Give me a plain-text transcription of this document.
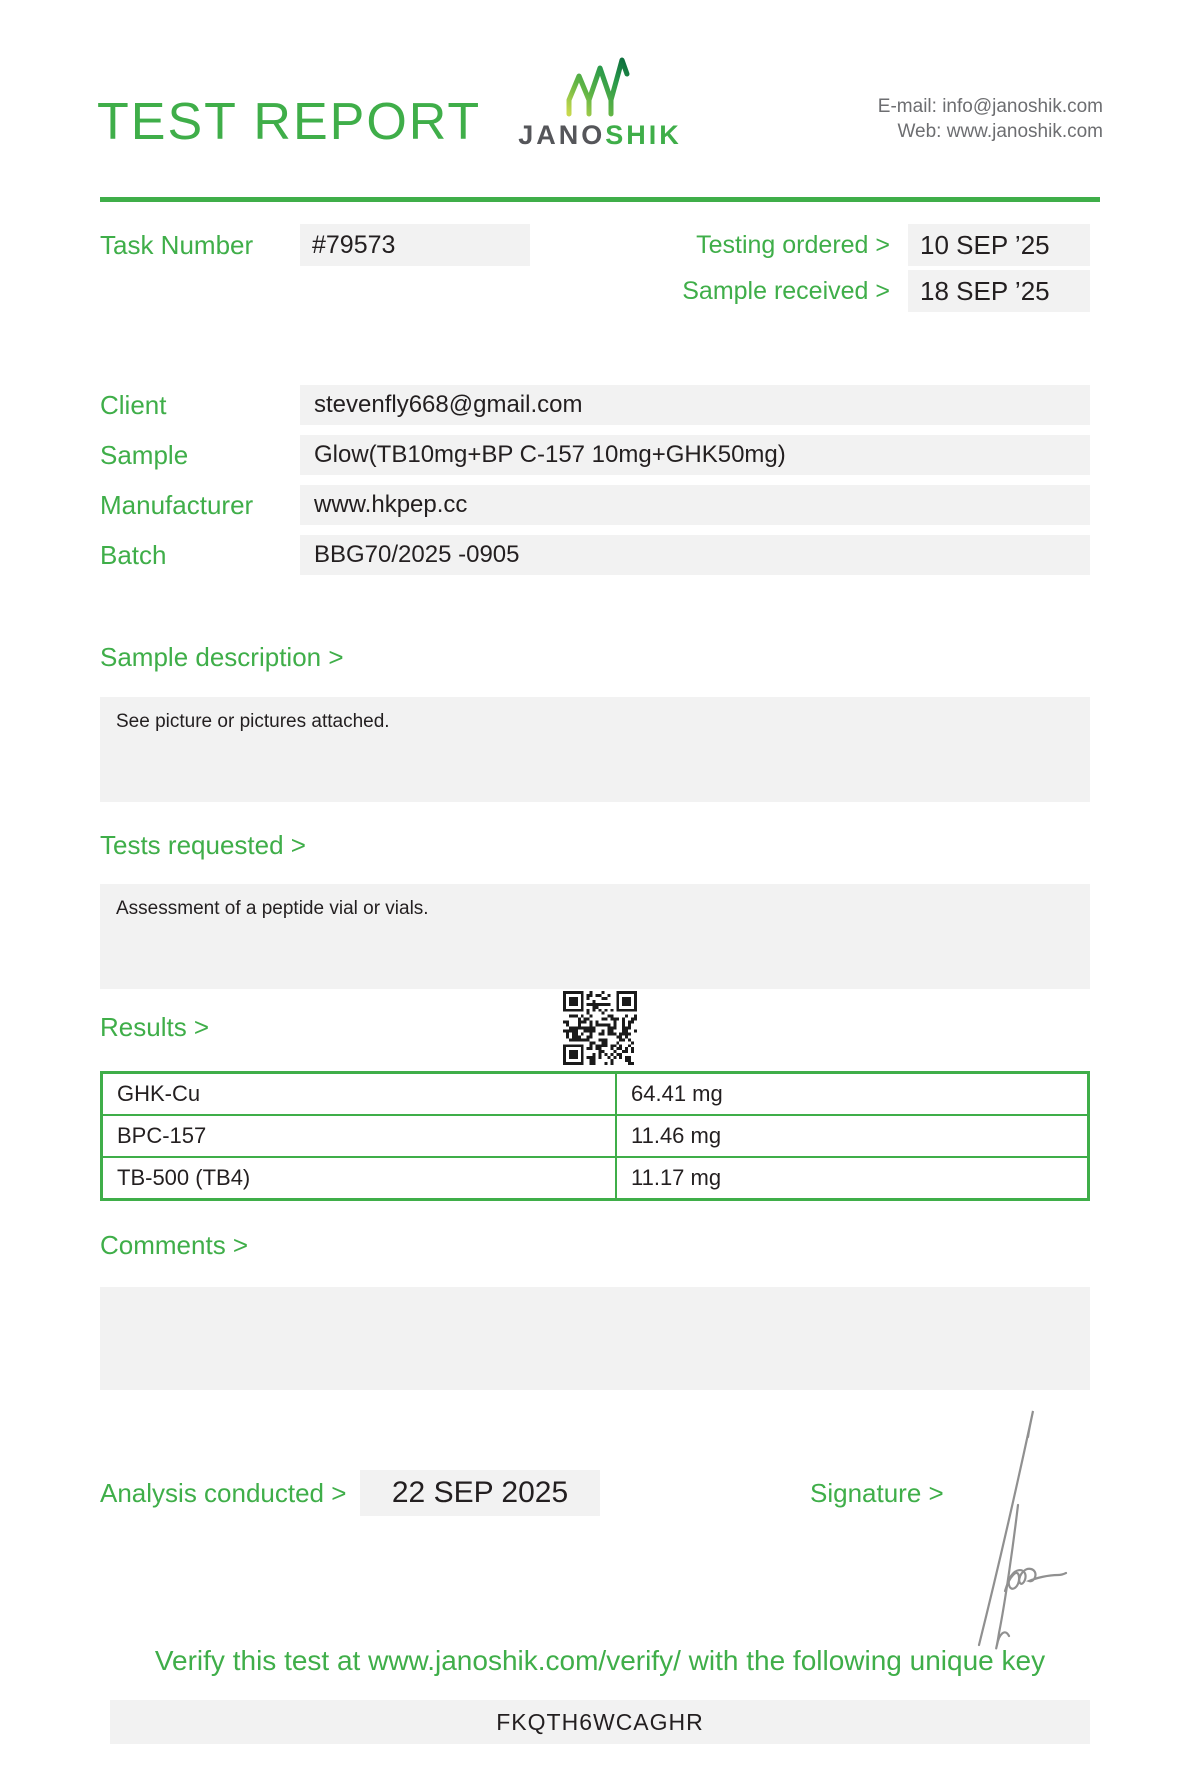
TEST REPORT JANOSHIK
E-mail: info@janoshik.com
Web: www.janoshik.com
Task Number	#79573	Testing ordered >	10 SEP ’25
Sample received >	18 SEP ’25
Client	stevenfly668@gmail.com
Sample	Glow(TB10mg+BP C-157 10mg+GHK50mg)
Manufacturer	www.hkpep.cc
Batch	BBG70/2025 -0905
Sample description >
See picture or pictures attached.
Tests requested >
Assessment of a peptide vial or vials.
Results >
GHK-Cu	64.41 mg
BPC-157	11.46 mg
TB-500 (TB4)	11.17 mg
Comments >
Analysis conducted >	22 SEP 2025	Signature >
Verify this test at www.janoshik.com/verify/ with the following unique key
FKQTH6WCAGHR
